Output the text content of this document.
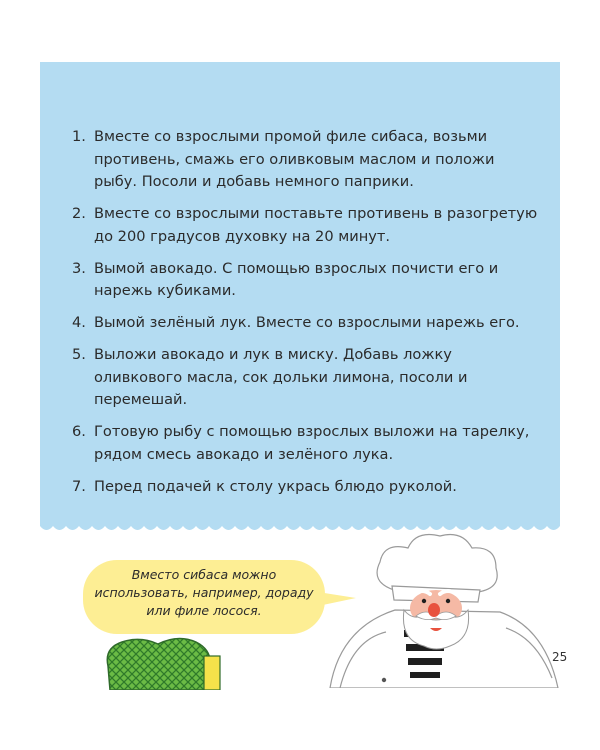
1. Вместе со взрослыми промой филе сибаса, возьми противень, смажь его оливковым маслом и положи рыбу. Посоли и добавь немного паприки.
2. Вместе со взрослыми поставьте противень в разогретую до 200 градусов духовку на 20 минут.
3. Вымой авокадо. С помощью взрослых почисти его и нарежь кубиками.
4. Вымой зелёный лук. Вместе со взрослыми нарежь его.
5. Выложи авокадо и лук в миску. Добавь ложку оливкового масла, сок дольки лимона, посоли и перемешай.
6. Готовую рыбу с помощью взрослых выложи на тарелку, рядом смесь авокадо и зелёного лука.
7. Перед подачей к столу укрась блюдо руколой.
Вместо сибаса можно использовать, например, дораду или филе лосося.
25
